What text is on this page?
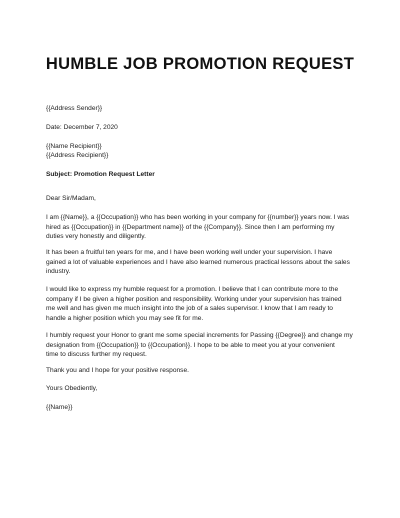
HUMBLE JOB PROMOTION REQUEST
{{Address Sender}}
Date: December 7, 2020
{{Name Recipient}}
{{Address Recipient}}
Subject: Promotion Request Letter
Dear Sir/Madam,
I am {{Name}}, a {{Occupation}} who has been working in your company for {{number}} years now. I was
hired as {{Occupation}} in {{Department name}} of the {{Company}}. Since then I am performing my
duties very honestly and diligently.
It has been a fruitful ten years for me, and I have been working well under your supervision. I have
gained a lot of valuable experiences and I have also learned numerous practical lessons about the sales
industry.
I would like to express my humble request for a promotion. I believe that I can contribute more to the
company if I be given a higher position and responsibility. Working under your supervision has trained
me well and has given me much insight into the job of a sales supervisor. I know that I am ready to
handle a higher position which you may see fit for me.
I humbly request your Honor to grant me some special increments for Passing {{Degree}} and change my
designation from {{Occupation}} to {{Occupation}}. I hope to be able to meet you at your convenient
time to discuss further my request.
Thank you and I hope for your positive response.
Yours Obediently,
{{Name}}
